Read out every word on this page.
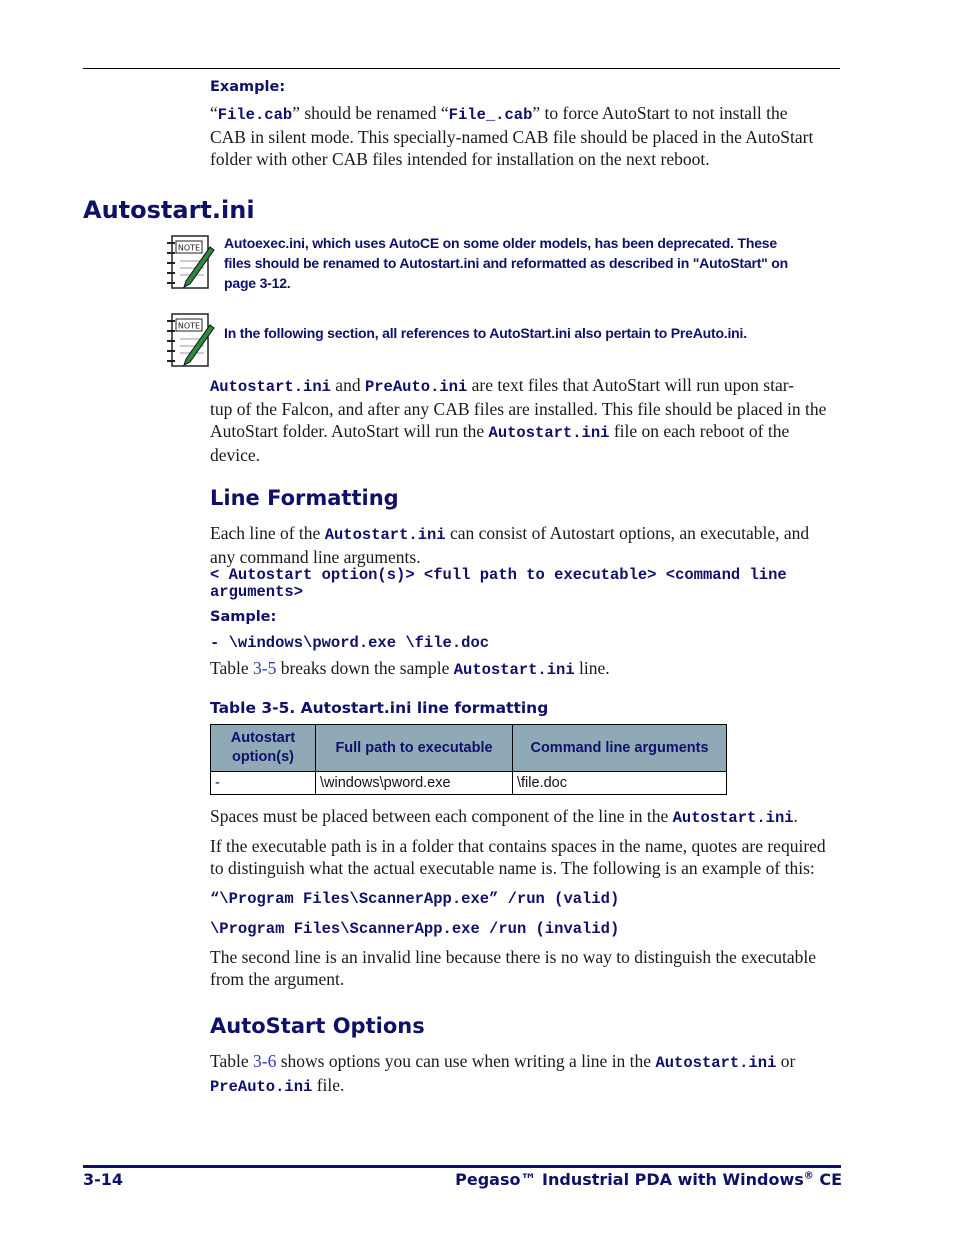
Example:
“File.cab” should be renamed “File_.cab” to force AutoStart to not install the
CAB in silent mode. This specially-named CAB file should be placed in the AutoStart
folder with other CAB files intended for installation on the next reboot.
Autostart.ini
NOTE Autoexec.ini, which uses AutoCE on some older models, has been deprecated. These
files should be renamed to Autostart.ini and reformatted as described in "AutoStart" on
page 3-12.
NOTE In the following section, all references to AutoStart.ini also pertain to PreAuto.ini.
Autostart.ini and PreAuto.ini are text files that AutoStart will run upon star-
tup of the Falcon, and after any CAB files are installed. This file should be placed in the
AutoStart folder. AutoStart will run the Autostart.ini file on each reboot of the
device.
Line Formatting
Each line of the Autostart.ini can consist of Autostart options, an executable, and
any command line arguments.
< Autostart option(s)> <full path to executable> <command line
arguments>
Sample:
- \windows\pword.exe \file.doc
Table 3-5 breaks down the sample Autostart.ini line.
Table 3-5. Autostart.ini line formatting
Autostart option(s)	Full path to executable	Command line arguments
-	\windows\pword.exe	\file.doc
Spaces must be placed between each component of the line in the Autostart.ini.
If the executable path is in a folder that contains spaces in the name, quotes are required
to distinguish what the actual executable name is. The following is an example of this:
“\Program Files\ScannerApp.exe” /run (valid)
\Program Files\ScannerApp.exe /run (invalid)
The second line is an invalid line because there is no way to distinguish the executable
from the argument.
AutoStart Options
Table 3-6 shows options you can use when writing a line in the Autostart.ini or
PreAuto.ini file.
3-14	Pegaso™ Industrial PDA with Windows® CE
